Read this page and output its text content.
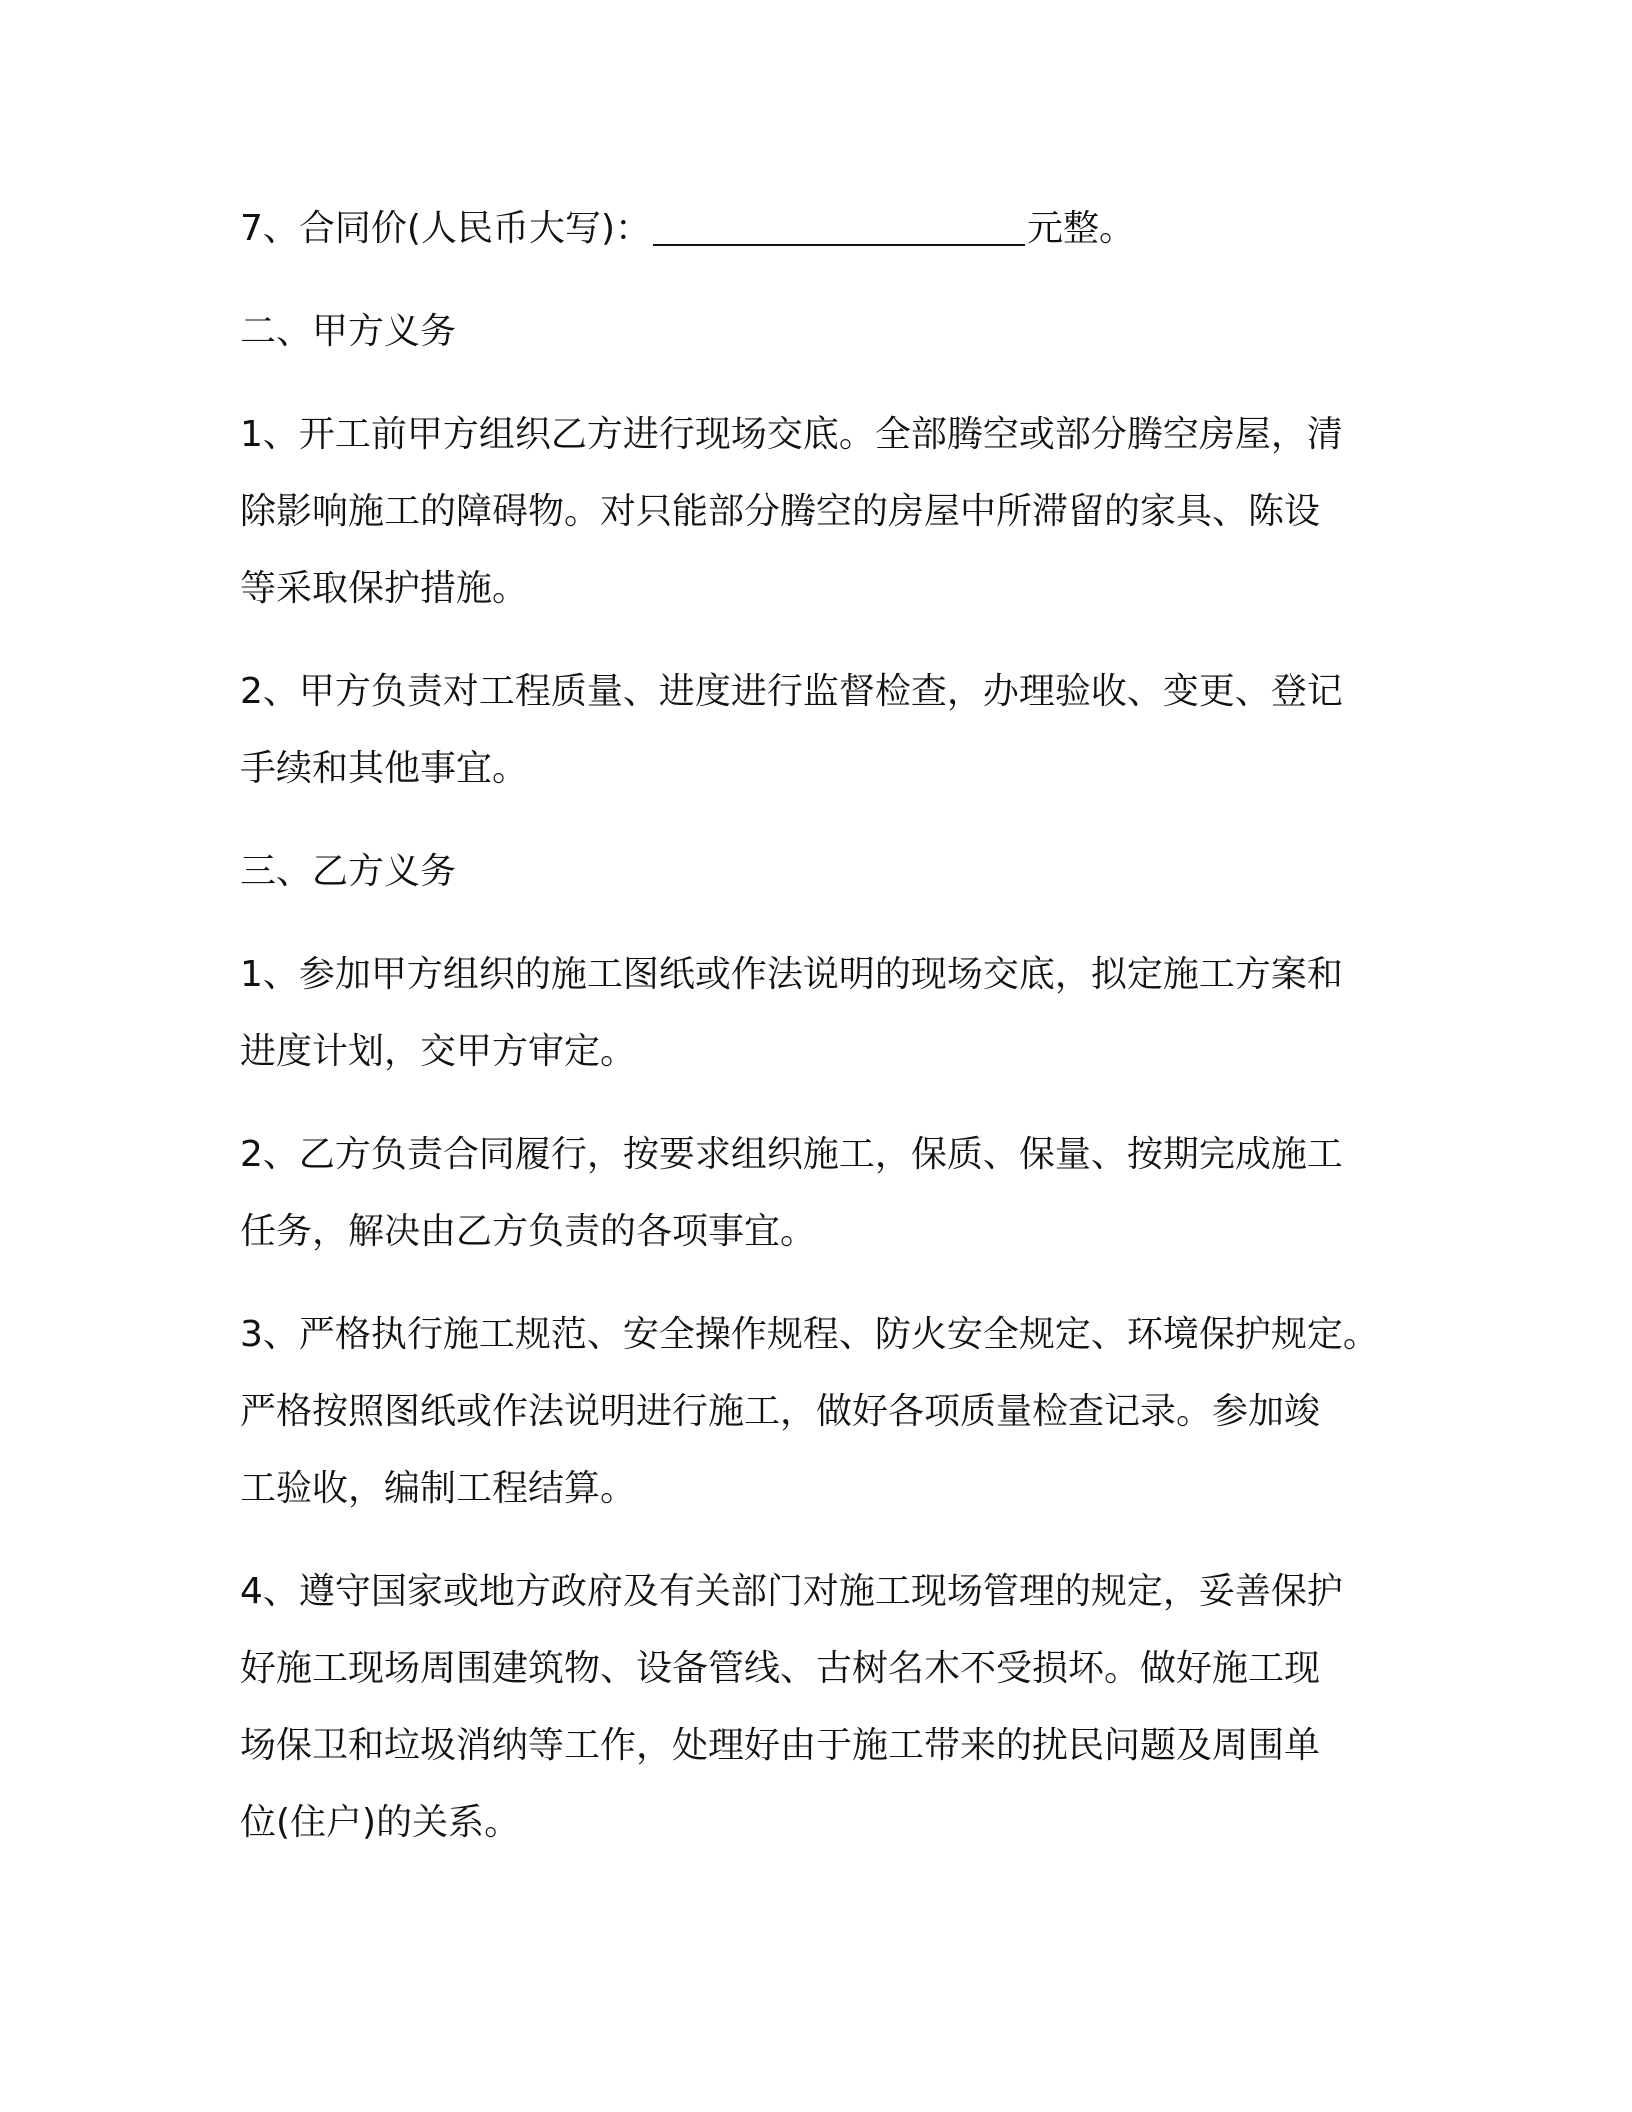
7、合同价(人民币大写)：	元整。

二、甲方义务

1、开工前甲方组织乙方进行现场交底。全部腾空或部分腾空房屋，清
除影响施工的障碍物。对只能部分腾空的房屋中所滞留的家具、陈设
等采取保护措施。

2、甲方负责对工程质量、进度进行监督检查，办理验收、变更、登记
手续和其他事宜。

三、乙方义务

1、参加甲方组织的施工图纸或作法说明的现场交底，拟定施工方案和
进度计划，交甲方审定。

2、乙方负责合同履行，按要求组织施工，保质、保量、按期完成施工
任务，解决由乙方负责的各项事宜。

3、严格执行施工规范、安全操作规程、防火安全规定、环境保护规定。
严格按照图纸或作法说明进行施工，做好各项质量检查记录。参加竣
工验收，编制工程结算。

4、遵守国家或地方政府及有关部门对施工现场管理的规定，妥善保护
好施工现场周围建筑物、设备管线、古树名木不受损坏。做好施工现
场保卫和垃圾消纳等工作，处理好由于施工带来的扰民问题及周围单
位(住户)的关系。
